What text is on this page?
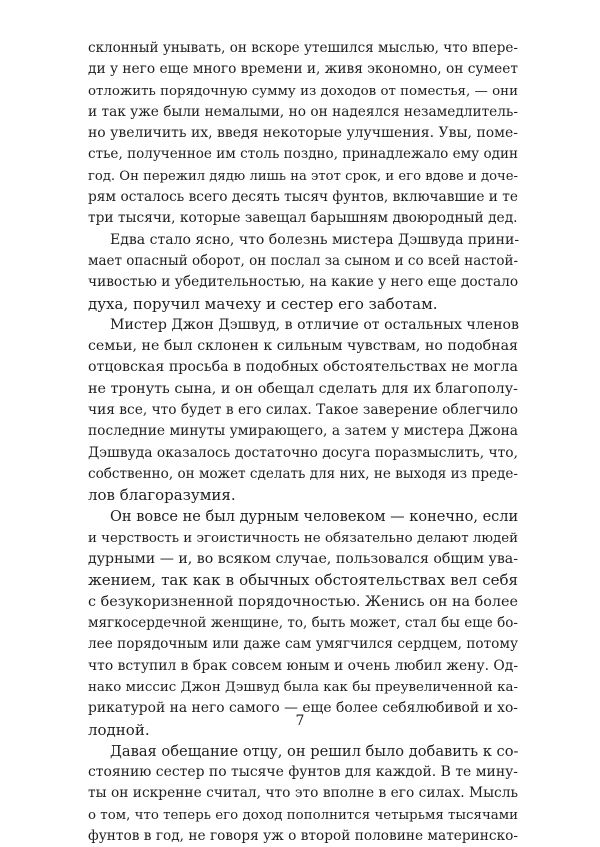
склонный унывать, он вскоре утешился мыслью, что впере-
ди у него еще много времени и, живя экономно, он сумеет
отложить порядочную сумму из доходов от поместья, — они
и так уже были немалыми, но он надеялся незамедлитель-
но увеличить их, введя некоторые улучшения. Увы, поме-
стье, полученное им столь поздно, принадлежало ему один
год. Он пережил дядю лишь на этот срок, и его вдове и доче-
рям осталось всего десять тысяч фунтов, включавшие и те
три тысячи, которые завещал барышням двоюродный дед.
Едва стало ясно, что болезнь мистера Дэшвуда прини-
мает опасный оборот, он послал за сыном и со всей настой-
чивостью и убедительностью, на какие у него еще достало
духа, поручил мачеху и сестер его заботам.
Мистер Джон Дэшвуд, в отличие от остальных членов
семьи, не был склонен к сильным чувствам, но подобная
отцовская просьба в подобных обстоятельствах не могла
не тронуть сына, и он обещал сделать для их благополу-
чия все, что будет в его силах. Такое заверение облегчило
последние минуты умирающего, а затем у мистера Джона
Дэшвуда оказалось достаточно досуга поразмыслить, что,
собственно, он может сделать для них, не выходя из преде-
лов благоразумия.
Он вовсе не был дурным человеком — конечно, если
и черствость и эгоистичность не обязательно делают людей
дурными — и, во всяком случае, пользовался общим ува-
жением, так как в обычных обстоятельствах вел себя
с безукоризненной порядочностью. Женись он на более
мягкосердечной женщине, то, быть может, стал бы еще бо-
лее порядочным или даже сам умягчился сердцем, потому
что вступил в брак совсем юным и очень любил жену. Од-
нако миссис Джон Дэшвуд была как бы преувеличенной ка-
рикатурой на него самого — еще более себялюбивой и хо-
лодной.
Давая обещание отцу, он решил было добавить к со-
стоянию сестер по тысяче фунтов для каждой. В те мину-
ты он искренне считал, что это вполне в его силах. Мысль
о том, что теперь его доход пополнится четырьмя тысячами
фунтов в год, не говоря уж о второй половине материнско-
7
